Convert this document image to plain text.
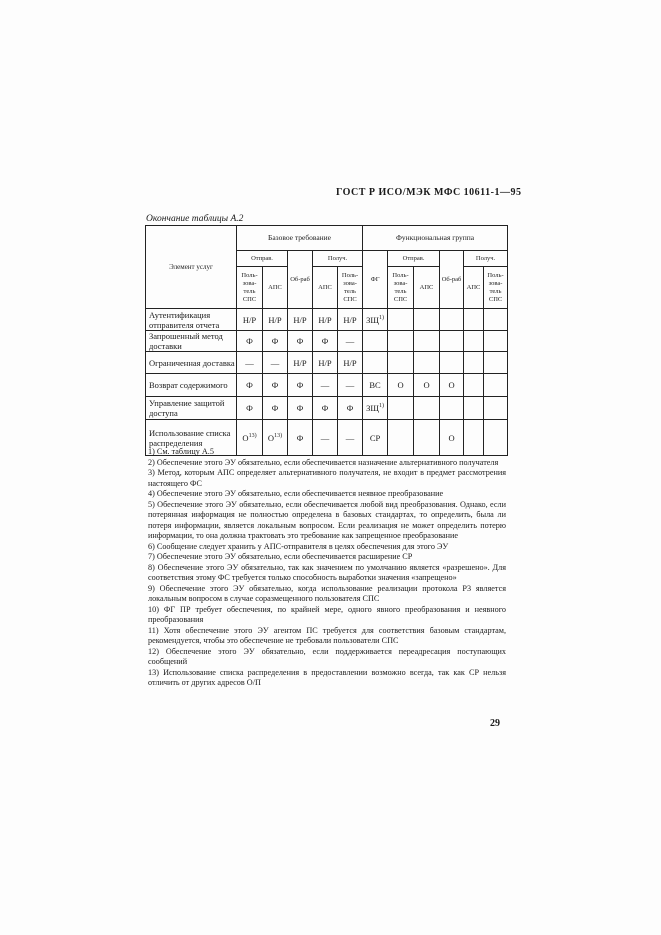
ГОСТ Р ИСО/МЭК МФС 10611-1—95
Окончание таблицы А.2
Элемент услуг	Базовое требование					Функциональная группа					
	Отправ.		Об-раб	Получ.		ФГ	Отправ.		Об-раб	Получ.	
	Поль-зова-тель СПС	АПС		АПС	Поль-зова-тель СПС		Поль-зова-тель СПС	АПС		АПС	Поль-зова-тель СПС
Аутентификация отправителя отчета	Н/Р	Н/Р	Н/Р	Н/Р	Н/Р	ЗЩ$^{1)}$					
Запрошенный метод доставки	Ф	Ф	Ф	Ф	—						
Ограниченная доставка	—	—	Н/Р	Н/Р	Н/Р						
Возврат содержимого	Ф	Ф	Ф	—	—	ВС	О	О	О		
Управление защитой доступа	Ф	Ф	Ф	Ф	Ф	ЗЩ$^{1)}$					
Использование списка распределения	$О^{13)}$	$О^{13)}$	Ф	—	—	СР			О		

1) См. таблицу А.5

2) Обеспечение этого ЭУ обязательно, если обеспечивается назначение альтернативного получателя

3) Метод, которым АПС определяет альтернативного получателя, не входит в предмет рассмотрения настоящего ФС

4) Обеспечение этого ЭУ обязательно, если обеспечивается неявное преобразование

5) Обеспечение этого ЭУ обязательно, если обеспечивается любой вид преобразования. Однако, если потерянная информация не полностью определена в базовых стандартах, то определить, была ли потеря информации, является локальным вопросом. Если реализация не может определить потерю информации, то она должна трактовать это требование как запрещенное преобразование

6) Сообщение следует хранить у АПС-отправителя в целях обеспечения для этого ЭУ

7) Обеспечение этого ЭУ обязательно, если обеспечивается расширение СР

8) Обеспечение этого ЭУ обязательно, так как значением по умолчанию является «разрешено». Для соответствия этому ФС требуется только способность выработки значения «запрещено»

9) Обеспечение этого ЭУ обязательно, когда использование реализации протокола Р3 является локальным вопросом в случае соразмещенного пользователя СПС

10) ФГ ПР требует обеспечения, по крайней мере, одного явного преобразования и неявного преобразования

11) Хотя обеспечение этого ЭУ агентом ПС требуется для соответствия базовым стандартам, рекомендуется, чтобы это обеспечение не требовали пользователи СПС

12) Обеспечение этого ЭУ обязательно, если поддерживается переадресация поступающих сообщений

13) Использование списка распределения в предоставлении возможно всегда, так как СР нельзя отличить от других адресов О/П

29
